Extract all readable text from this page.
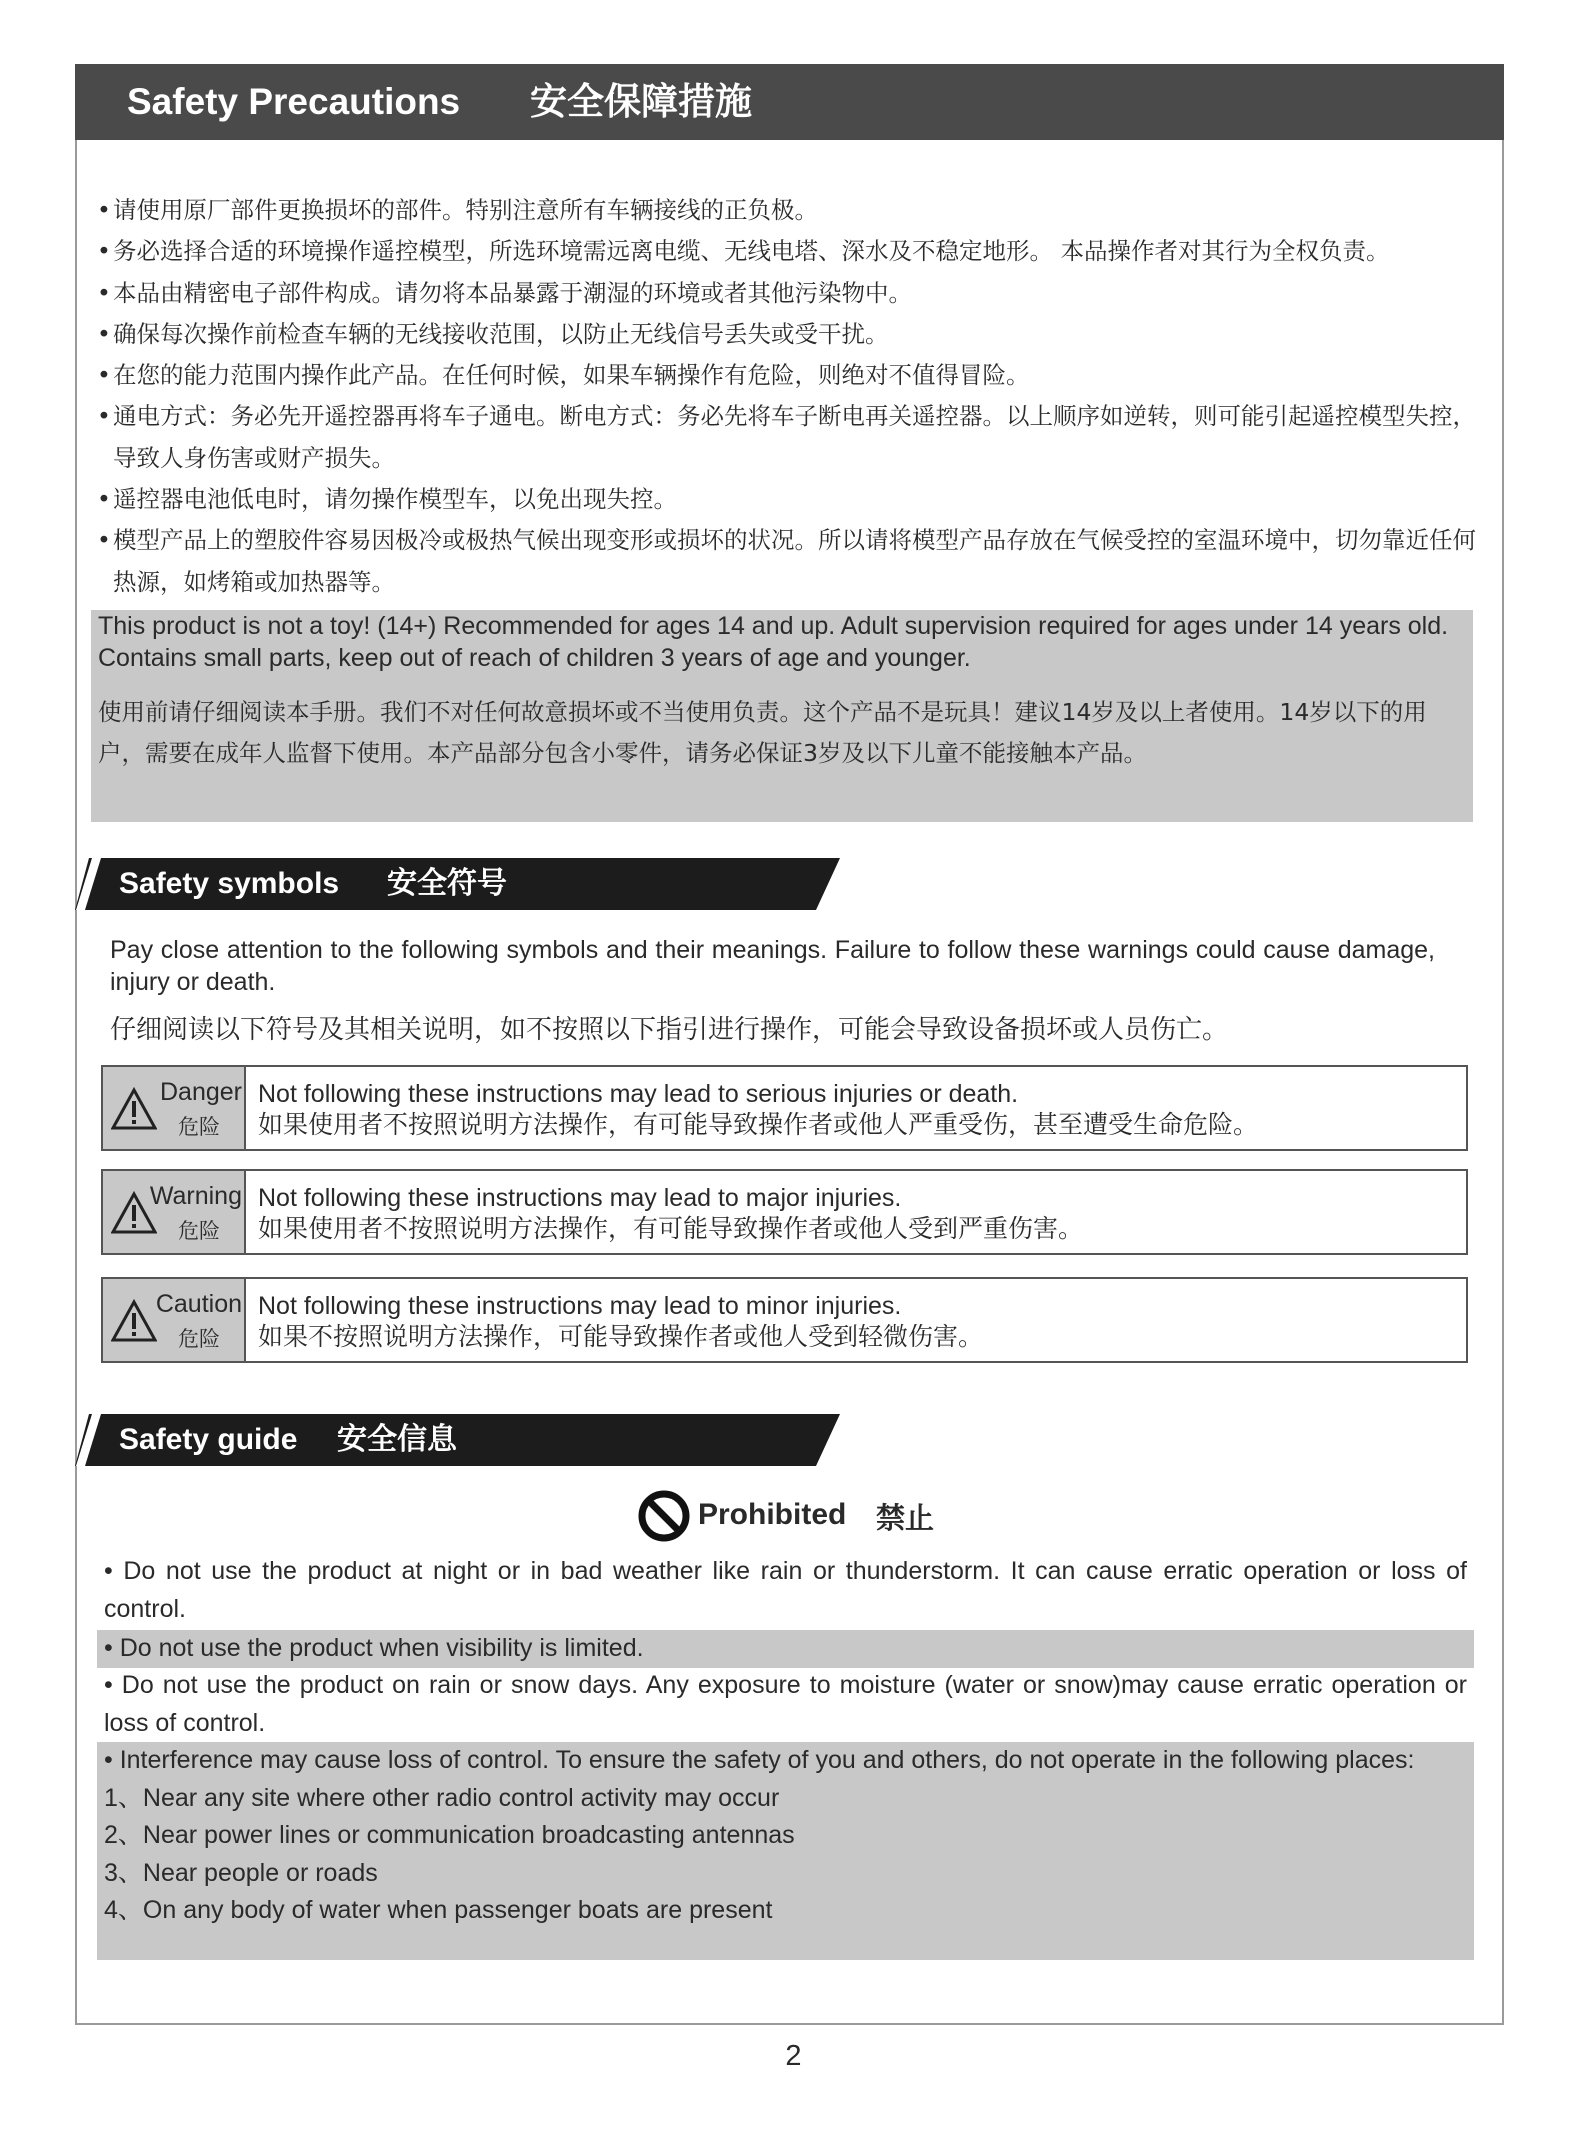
Safety Precautions 安全保障措施
• 请使用原厂部件更换损坏的部件。特别注意所有车辆接线的正负极。
• 务必选择合适的环境操作遥控模型，所选环境需远离电缆、无线电塔、深水及不稳定地形。 本品操作者对其行为全权负责。
• 本品由精密电子部件构成。请勿将本品暴露于潮湿的环境或者其他污染物中。
• 确保每次操作前检查车辆的无线接收范围，以防止无线信号丢失或受干扰。
• 在您的能力范围内操作此产品。在任何时候，如果车辆操作有危险，则绝对不值得冒险。
• 通电方式：务必先开遥控器再将车子通电。断电方式：务必先将车子断电再关遥控器。以上顺序如逆转，则可能引起遥控模型失控，导致人身伤害或财产损失。
• 遥控器电池低电时，请勿操作模型车，以免出现失控。
• 模型产品上的塑胶件容易因极冷或极热气候出现变形或损坏的状况。所以请将模型产品存放在气候受控的室温环境中，切勿靠近任何热源，如烤箱或加热器等。
This product is not a toy! (14+) Recommended for ages 14 and up. Adult supervision required for ages under 14 years old. Contains small parts, keep out of reach of children 3 years of age and younger.
使用前请仔细阅读本手册。我们不对任何故意损坏或不当使用负责。这个产品不是玩具！建议14岁及以上者使用。14岁以下的用户，需要在成年人监督下使用。本产品部分包含小零件，请务必保证3岁及以下儿童不能接触本产品。
Safety symbols 安全符号
Pay close attention to the following symbols and their meanings. Failure to follow these warnings could cause damage, injury or death.
仔细阅读以下符号及其相关说明，如不按照以下指引进行操作，可能会导致设备损坏或人员伤亡。
Danger
危险
Not following these instructions may lead to serious injuries or death.
如果使用者不按照说明方法操作，有可能导致操作者或他人严重受伤，甚至遭受生命危险。
Warning
危险
Not following these instructions may lead to major injuries.
如果使用者不按照说明方法操作，有可能导致操作者或他人受到严重伤害。
Caution
危险
Not following these instructions may lead to minor injuries.
如果不按照说明方法操作，可能导致操作者或他人受到轻微伤害。
Safety guide 安全信息
Prohibited 禁止
• Do not use the product at night or in bad weather like rain or thunderstorm. It can cause erratic operation or loss of control.
• Do not use the product when visibility is limited.
• Do not use the product on rain or snow days. Any exposure to moisture (water or snow)may cause erratic operation or loss of control.
• Interference may cause loss of control. To ensure the safety of you and others, do not operate in the following places:
1、Near any site where other radio control activity may occur
2、Near power lines or communication broadcasting antennas
3、Near people or roads
4、On any body of water when passenger boats are present
2
